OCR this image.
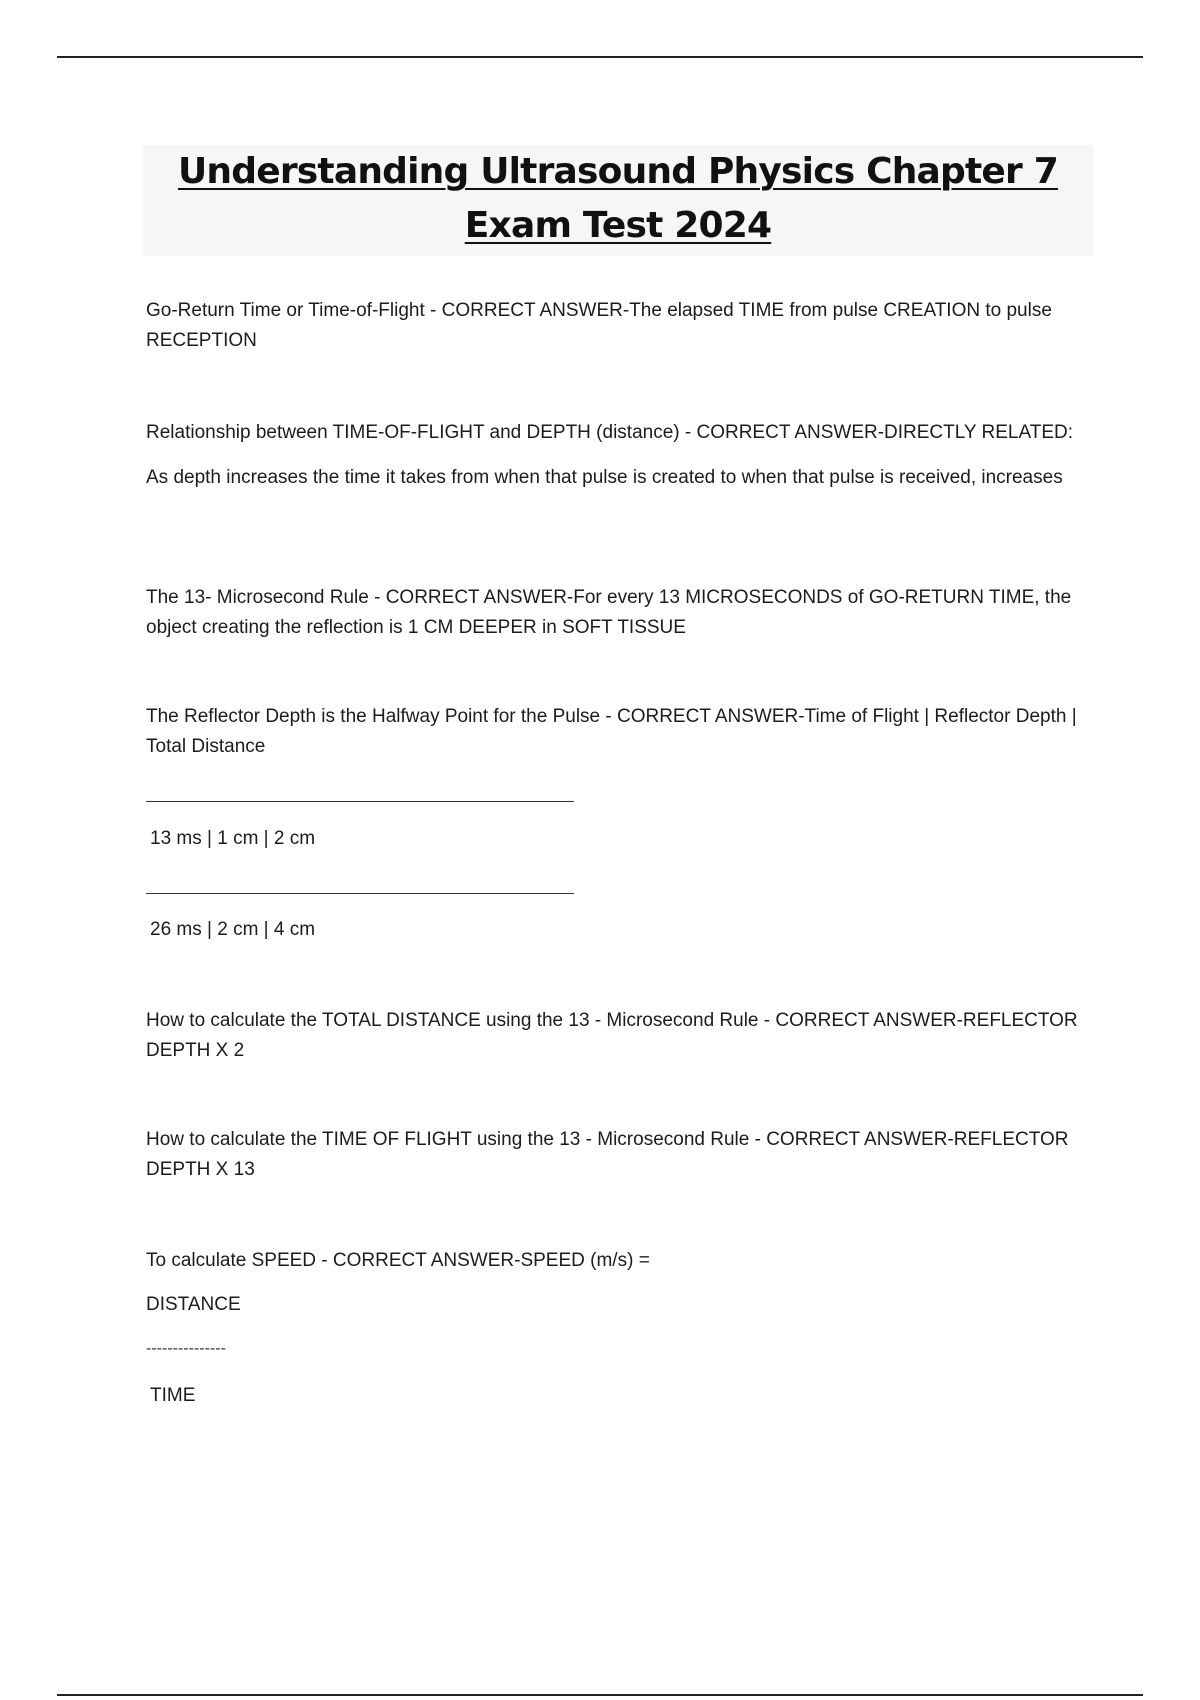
Understanding Ultrasound Physics Chapter 7
Exam Test 2024
Go-Return Time or Time-of-Flight - CORRECT ANSWER-The elapsed TIME from pulse CREATION to pulse RECEPTION
Relationship between TIME-OF-FLIGHT and DEPTH (distance) - CORRECT ANSWER-DIRECTLY RELATED:
As depth increases the time it takes from when that pulse is created to when that pulse is received, increases
The 13- Microsecond Rule - CORRECT ANSWER-For every 13 MICROSECONDS of GO-RETURN TIME, the object creating the reflection is 1 CM DEEPER in SOFT TISSUE
The Reflector Depth is the Halfway Point for the Pulse - CORRECT ANSWER-Time of Flight | Reflector Depth | Total Distance
13 ms | 1 cm | 2 cm
26 ms | 2 cm | 4 cm
How to calculate the TOTAL DISTANCE using the 13 - Microsecond Rule - CORRECT ANSWER-REFLECTOR DEPTH X 2
How to calculate the TIME OF FLIGHT using the 13 - Microsecond Rule - CORRECT ANSWER-REFLECTOR DEPTH X 13
To calculate SPEED - CORRECT ANSWER-SPEED (m/s) =
DISTANCE
---------------
TIME
